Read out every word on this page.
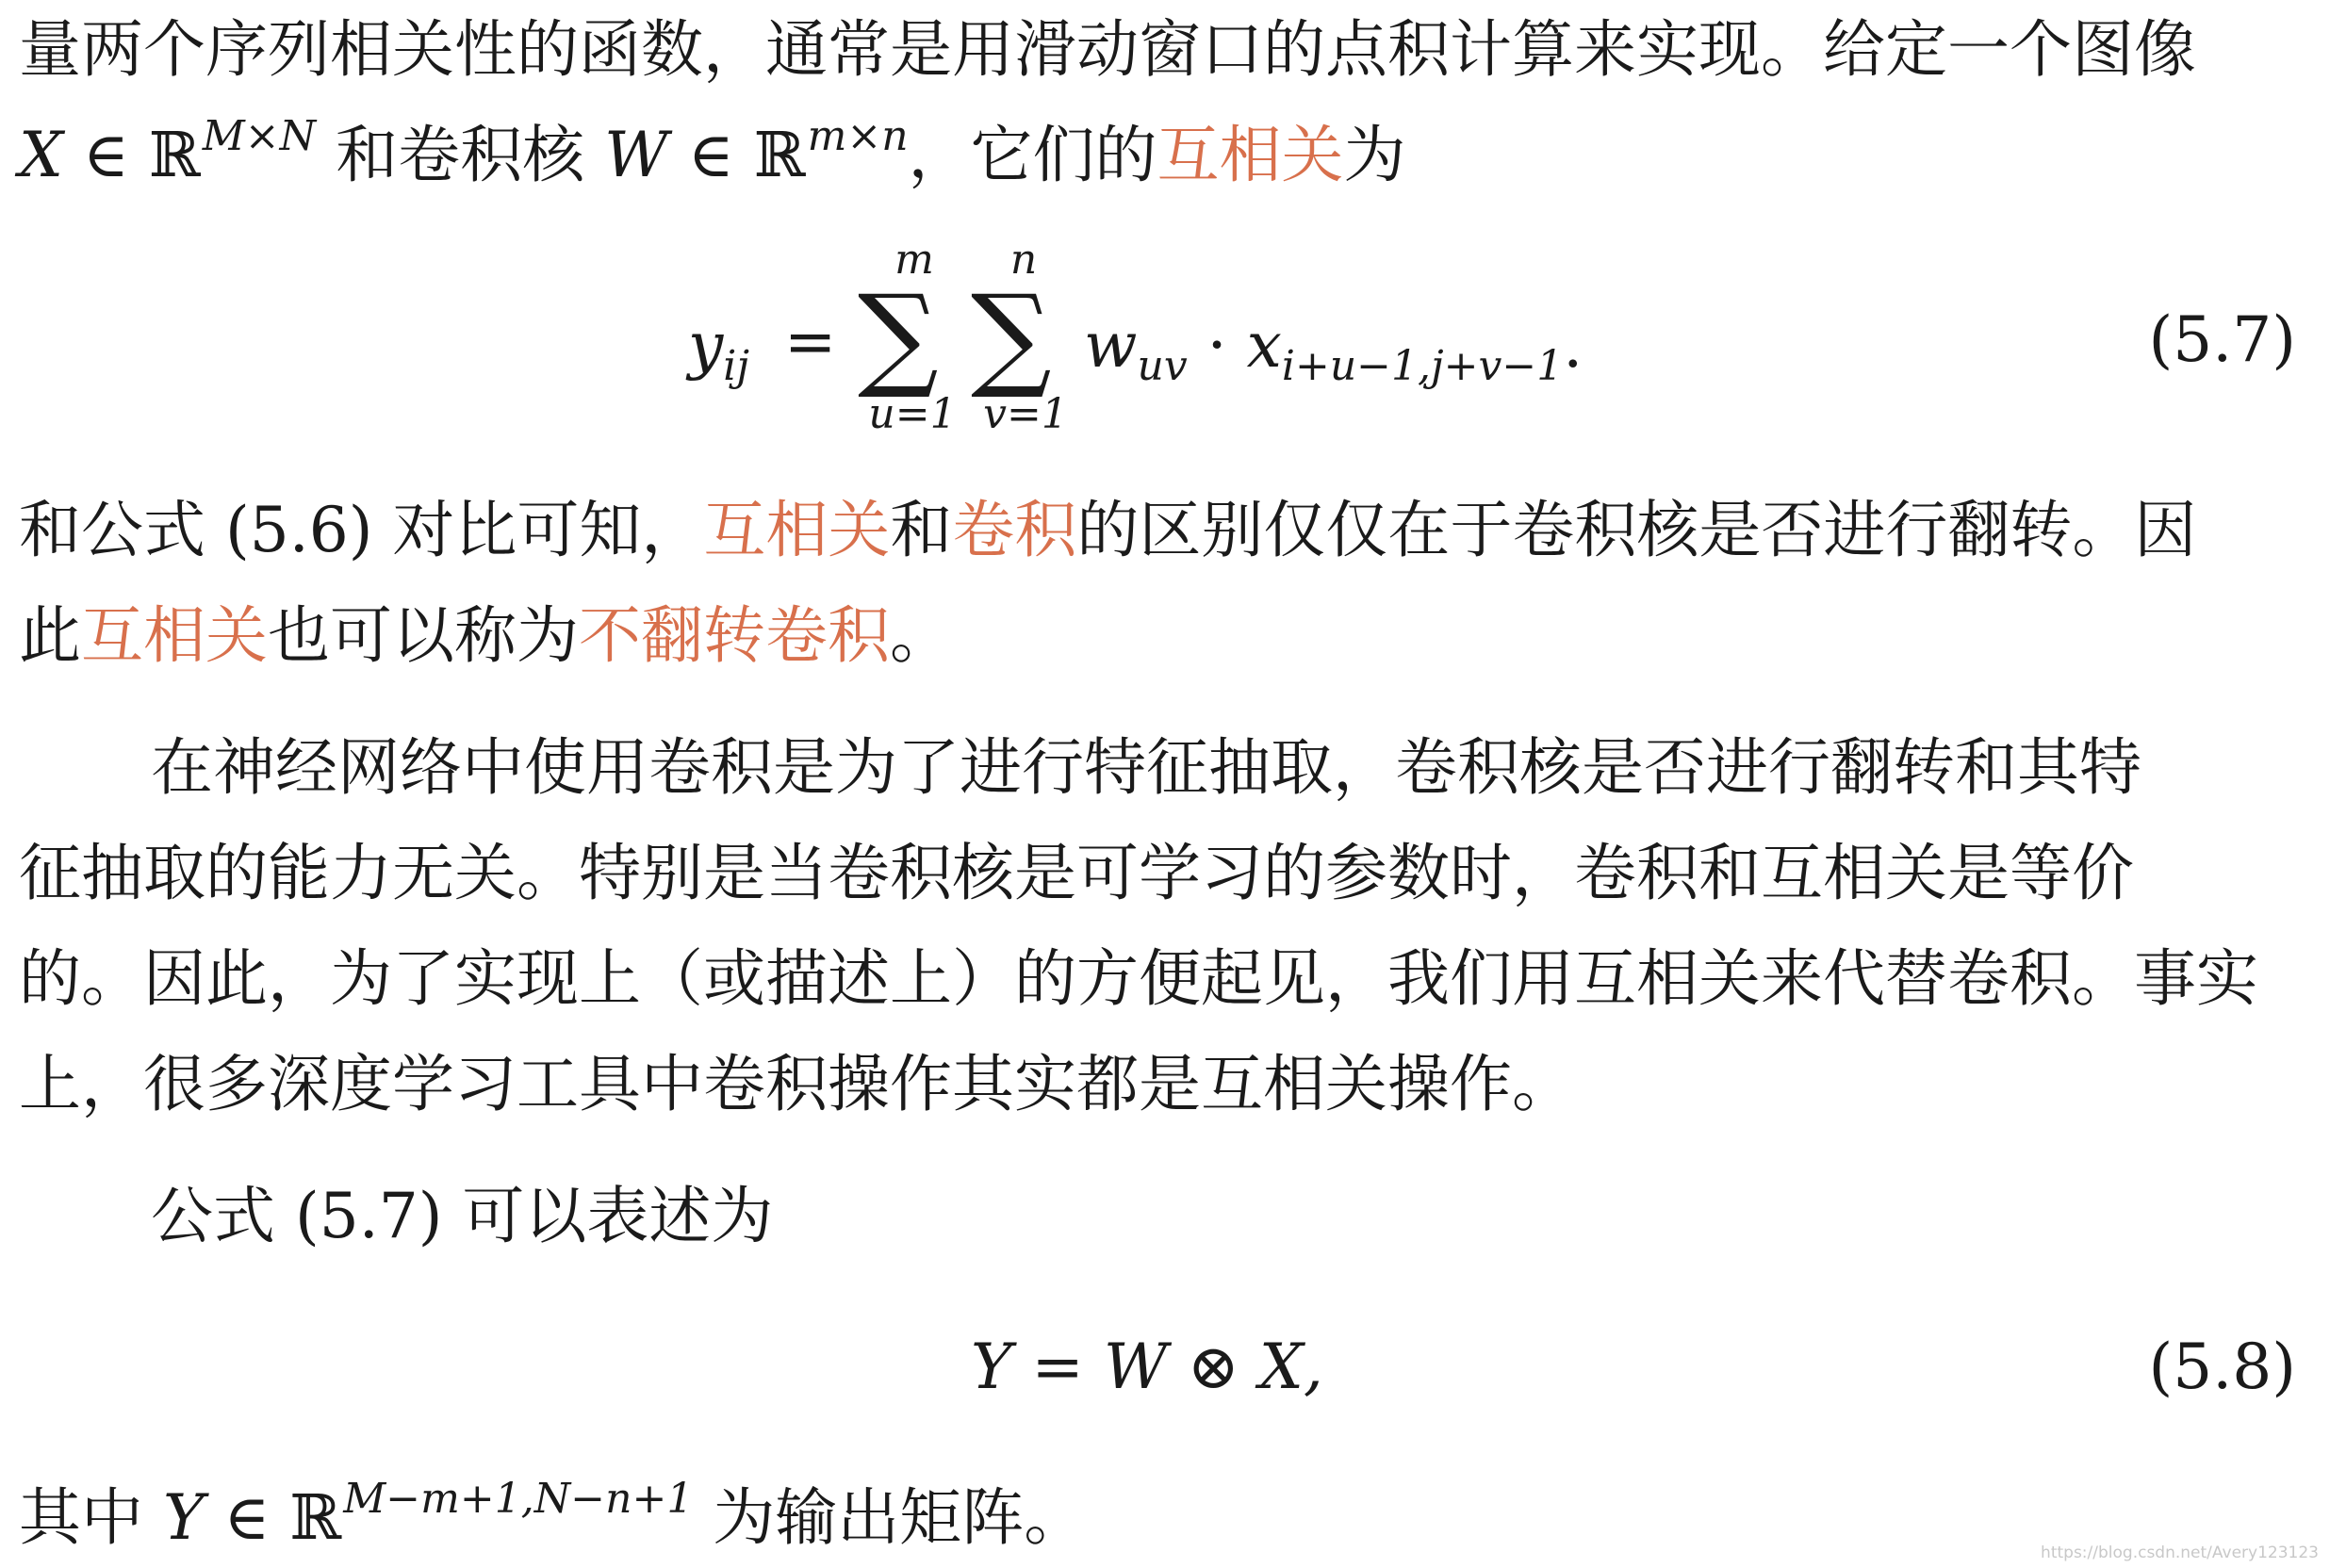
量两个序列相关性的函数，通常是用滑动窗口的点积计算来实现。给定一个图像
X ∈ ℝ$^{M\times N}$ 和卷积核 W ∈ ℝ$^{m\times n}$，它们的互相关为
$y_{ij}$ =
m
∑
u=1
n
∑
v=1
$w_{uv} \cdot x_{i+u-1,j+v-1}$.	(5.7)
和公式 (5.6) 对比可知，互相关和卷积的区别仅仅在于卷积核是否进行翻转。因
此互相关也可以称为不翻转卷积。
在神经网络中使用卷积是为了进行特征抽取，卷积核是否进行翻转和其特
征抽取的能力无关。特别是当卷积核是可学习的参数时，卷积和互相关是等价
的。因此，为了实现上（或描述上）的方便起见，我们用互相关来代替卷积。事实
上，很多深度学习工具中卷积操作其实都是互相关操作。
公式 (5.7) 可以表述为
Y = W ⊗ X,	(5.8)
其中 Y ∈ ℝ$^{M-m+1,N-n+1}$ 为输出矩阵。	https://blog.csdn.net/Avery123123
